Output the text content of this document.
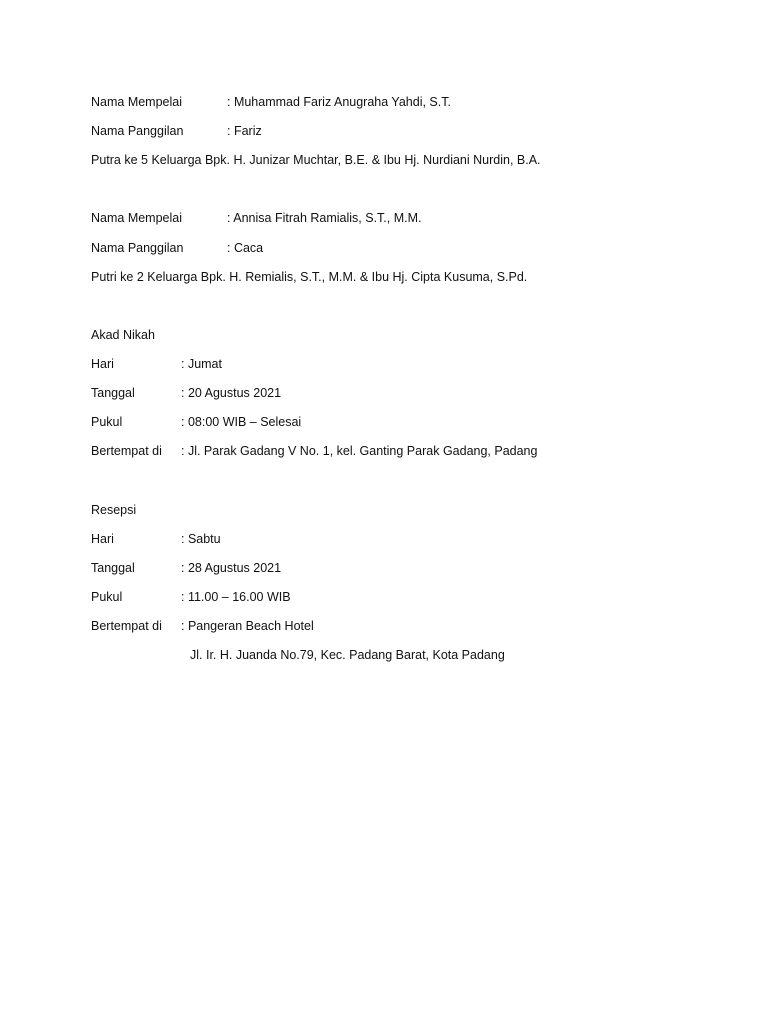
Nama Mempelai	: Muhammad Fariz Anugraha Yahdi, S.T.
Nama Panggilan	: Fariz
Putra ke 5 Keluarga Bpk. H. Junizar Muchtar, B.E. & Ibu Hj. Nurdiani Nurdin, B.A.
Nama Mempelai	: Annisa Fitrah Ramialis, S.T., M.M.
Nama Panggilan	: Caca
Putri ke 2 Keluarga Bpk. H. Remialis, S.T., M.M. & Ibu Hj. Cipta Kusuma, S.Pd.
Akad Nikah
Hari	: Jumat
Tanggal	: 20 Agustus 2021
Pukul	: 08:00 WIB – Selesai
Bertempat di : Jl. Parak Gadang V No. 1, kel. Ganting Parak Gadang, Padang
Resepsi
Hari	: Sabtu
Tanggal	: 28 Agustus 2021
Pukul	: 11.00 – 16.00 WIB
Bertempat di : Pangeran Beach Hotel
Jl. Ir. H. Juanda No.79, Kec. Padang Barat, Kota Padang
